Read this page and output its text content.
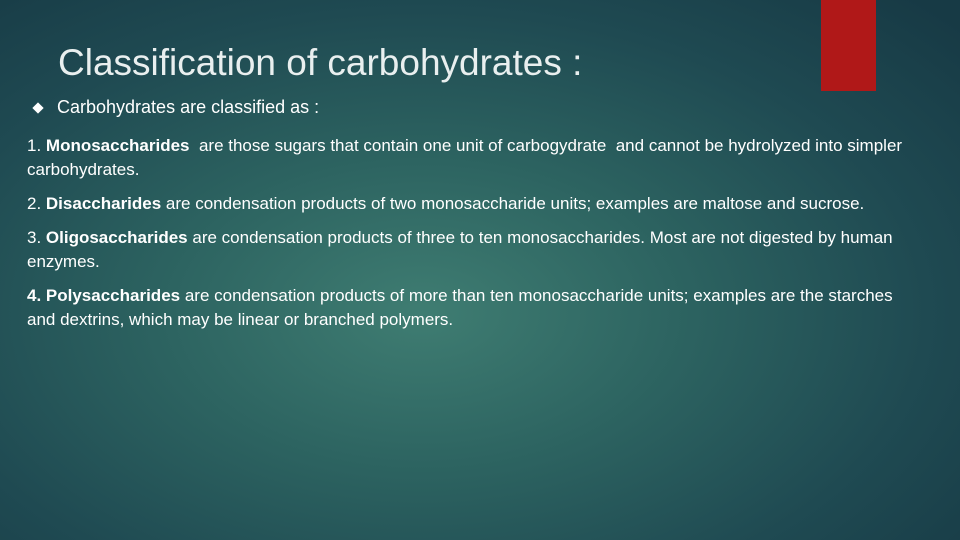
Classification of carbohydrates :
Carbohydrates are classified as :

1. Monosaccharides  are those sugars that contain one unit of carbogydrate  and cannot be hydrolyzed into simpler carbohydrates.

2. Disaccharides are condensation products of two monosaccharide units; examples are maltose and sucrose.

3. Oligosaccharides are condensation products of three to ten monosaccharides. Most are not digested by human enzymes.

4. Polysaccharides are condensation products of more than ten monosaccharide units; examples are the starches and dextrins, which may be linear or branched polymers.
